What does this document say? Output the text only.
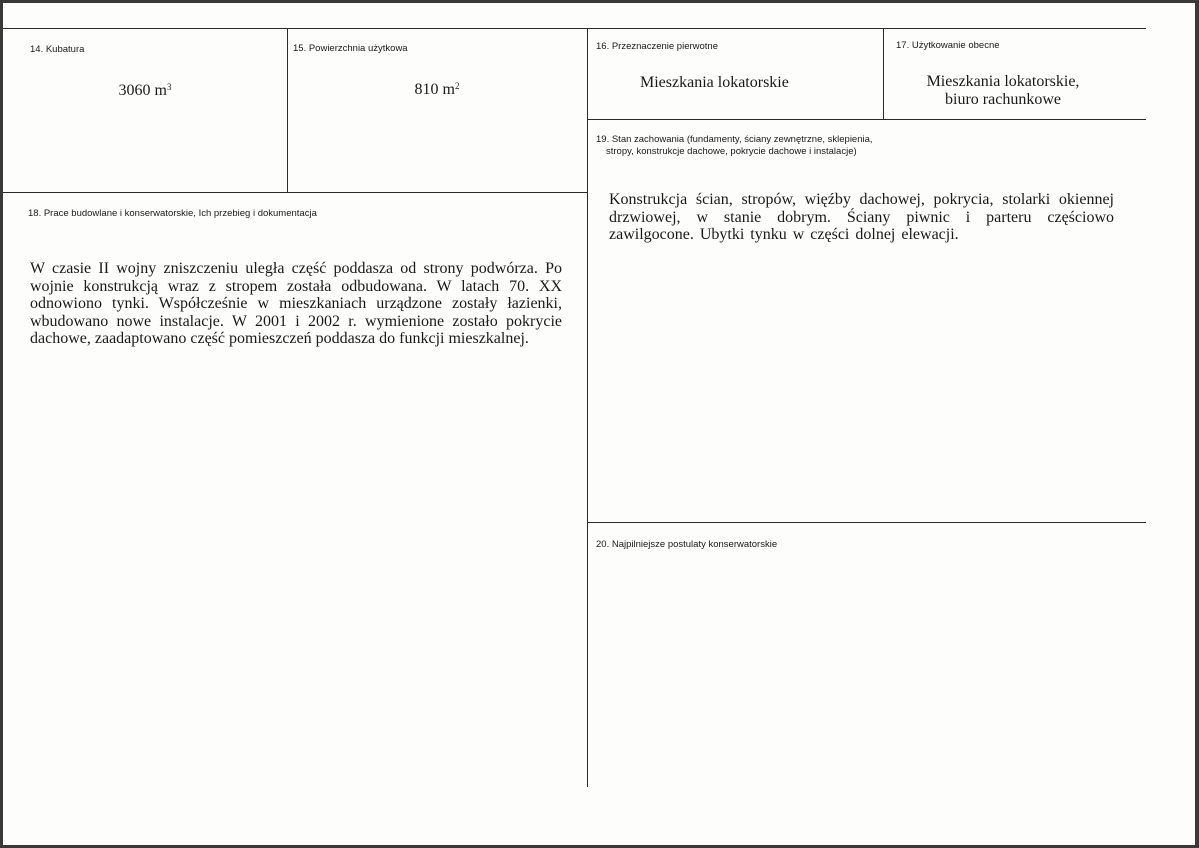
14. Kubatura
3060 $m^3$
15. Powierzchnia użytkowa
810 $m^2$
16. Przeznaczenie pierwotne
Mieszkania lokatorskie
17. Użytkowanie obecne
Mieszkania lokatorskie,
biuro rachunkowe
19. Stan zachowania (fundamenty, ściany zewnętrzne, sklepienia,
stropy, konstrukcje dachowe, pokrycie dachowe i instalacje)
Konstrukcja ścian, stropów, więźby dachowej, pokrycia, stolarki okiennej drzwiowej, w stanie dobrym. Ściany piwnic i parteru częściowo zawilgocone. Ubytki tynku w części dolnej elewacji.
18. Prace budowlane i konserwatorskie, Ich przebieg i dokumentacja
W czasie II wojny zniszczeniu uległa część poddasza od strony podwórza. Po wojnie konstrukcją wraz z stropem została odbudowana. W latach 70. XX odnowiono tynki. Współcześnie w mieszkaniach urządzone zostały łazienki, wbudowano nowe instalacje. W 2001 i 2002 r. wymienione zostało pokrycie dachowe, zaadaptowano część pomieszczeń poddasza do funkcji mieszkalnej.
20. Najpilniejsze postulaty konserwatorskie
